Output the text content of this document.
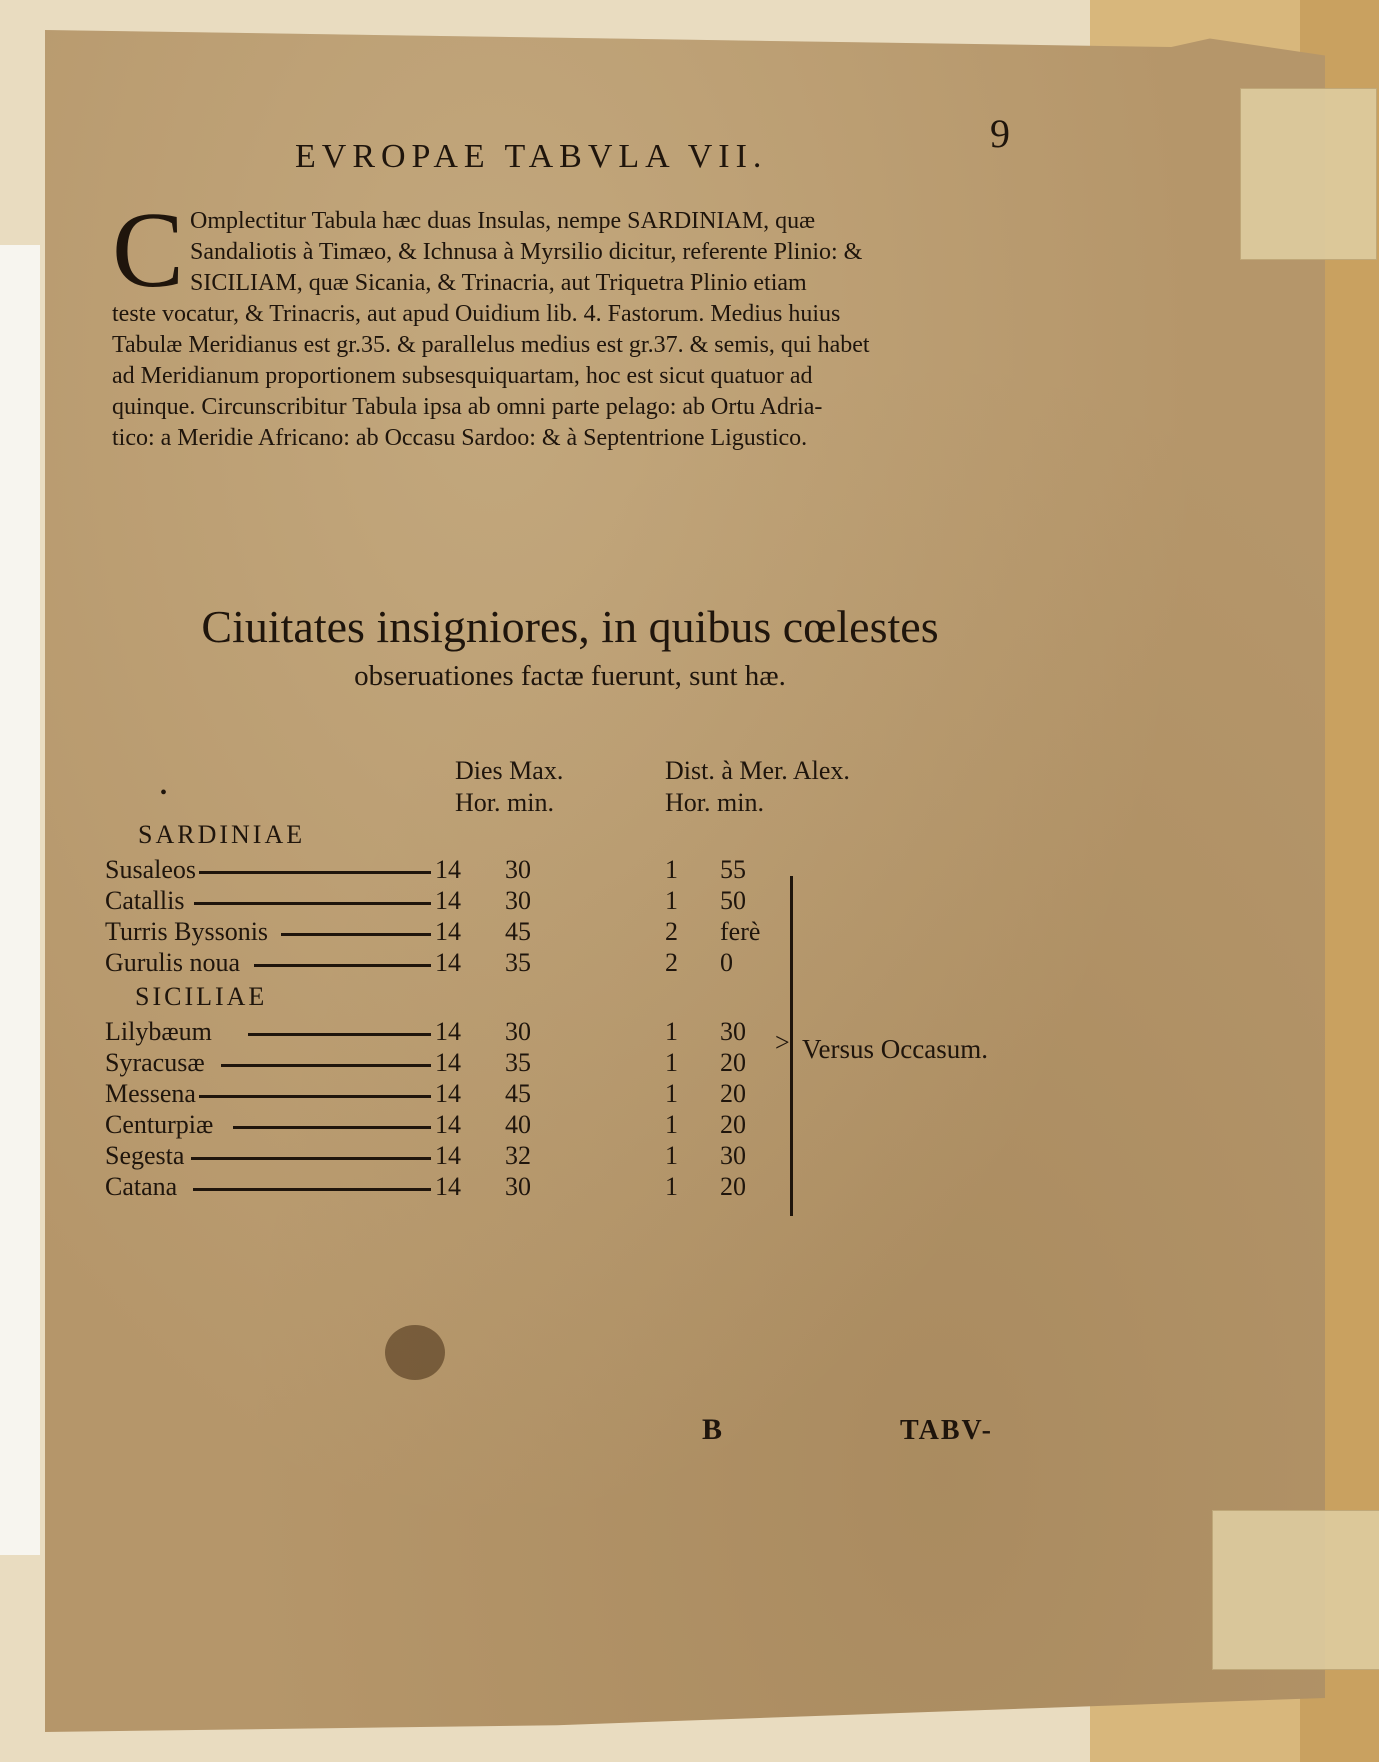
EVROPAE TABVLA VII.
9
C Omplectitur Tabula hæc duas Insulas, nempe SARDINIAM, quæ
Sandaliotis à Timæo, & Ichnusa à Myrsilio dicitur, referente Plinio: &
SICILIAM, quæ Sicania, & Trinacria, aut Triquetra Plinio etiam
teste vocatur, & Trinacris, aut apud Ouidium lib. 4. Fastorum. Medius huius
Tabulæ Meridianus est gr.35. & parallelus medius est gr.37. & semis, qui habet
ad Meridianum proportionem subsesquiquartam, hoc est sicut quatuor ad
quinque. Circunscribitur Tabula ipsa ab omni parte pelago: ab Ortu Adria-
tico: a Meridie Africano: ab Occasu Sardoo: & à Septentrione Ligustico.
Ciuitates insigniores, in quibus cœlestes
obseruationes factæ fuerunt, sunt hæ.
•
Dies Max.
Hor. min.
Dist. à Mer. Alex.
Hor. min.
SARDINIAE
Susaleos	14 30	1 55
Catallis	14 30	1 50
Turris Byssonis	14 45	2 ferè
Gurulis noua	14 35	2 0
SICILIAE
Lilybæum	14 30	1 30
Syracusæ	14 35	1 20
Messena	14 45	1 20
Centurpiæ	14 40	1 20
Segesta	14 32	1 30
Catana	14 30	1 20
> Versus Occasum.
B	TABV-
